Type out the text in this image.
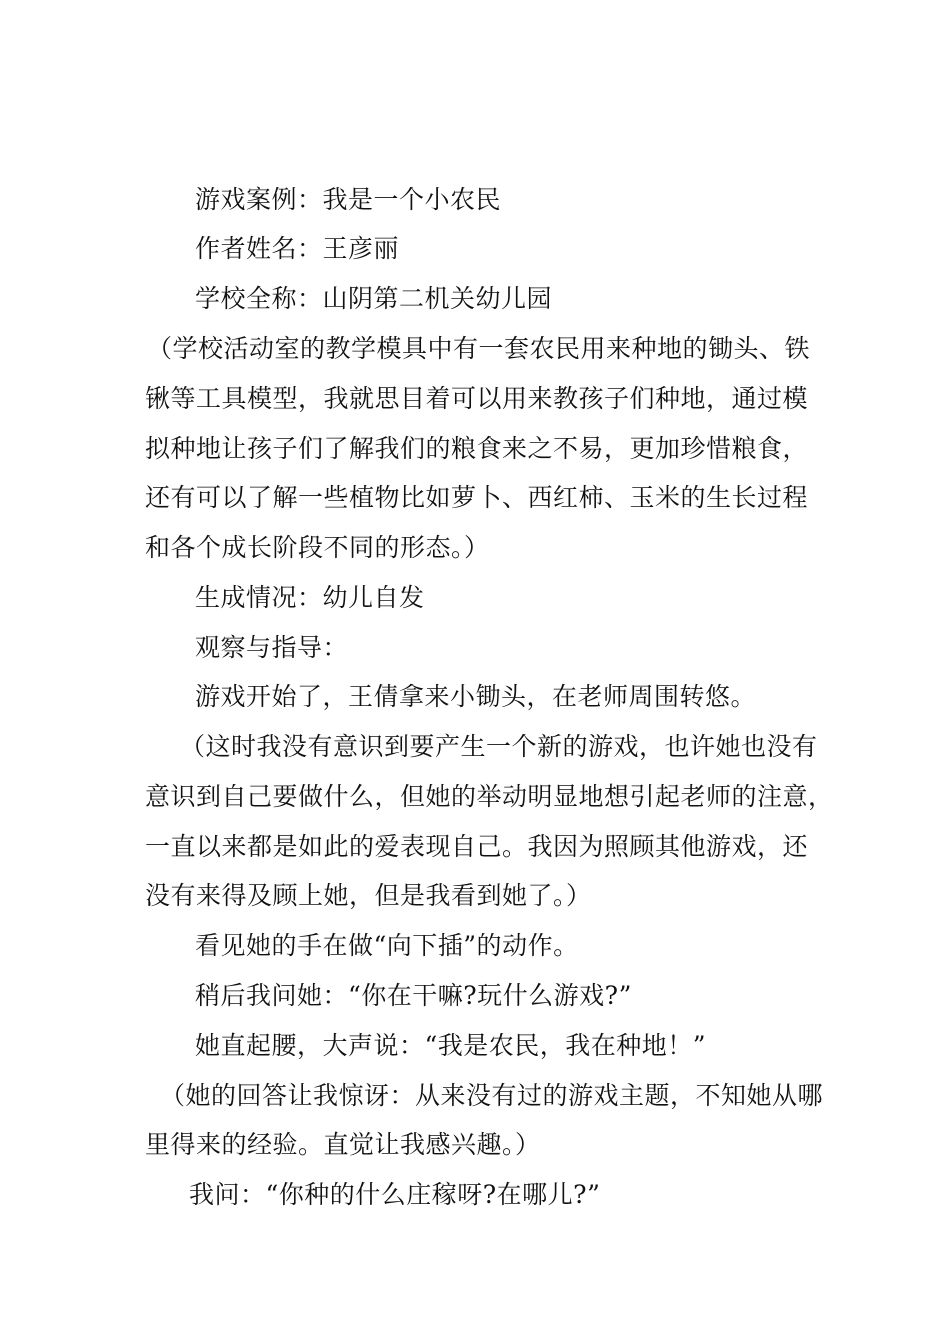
游戏案例：我是一个小农民
作者姓名：王彦丽
学校全称：山阴第二机关幼儿园
（学校活动室的教学模具中有一套农民用来种地的锄头、铁
锹等工具模型，我就思目着可以用来教孩子们种地，通过模
拟种地让孩子们了解我们的粮食来之不易，更加珍惜粮食，
还有可以了解一些植物比如萝卜、西红柿、玉米的生长过程
和各个成长阶段不同的形态。）
生成情况：幼儿自发
观察与指导：
游戏开始了，王倩拿来小锄头，在老师周围转悠。
（这时我没有意识到要产生一个新的游戏，也许她也没有
意识到自己要做什么，但她的举动明显地想引起老师的注意，
一直以来都是如此的爱表现自己。我因为照顾其他游戏，还
没有来得及顾上她，但是我看到她了。）
看见她的手在做“向下插”的动作。
稍后我问她：“你在干嘛?玩什么游戏?”
她直起腰，大声说：“我是农民，我在种地！”
（她的回答让我惊讶：从来没有过的游戏主题，不知她从哪
里得来的经验。直觉让我感兴趣。）
我问：“你种的什么庄稼呀?在哪儿?”
